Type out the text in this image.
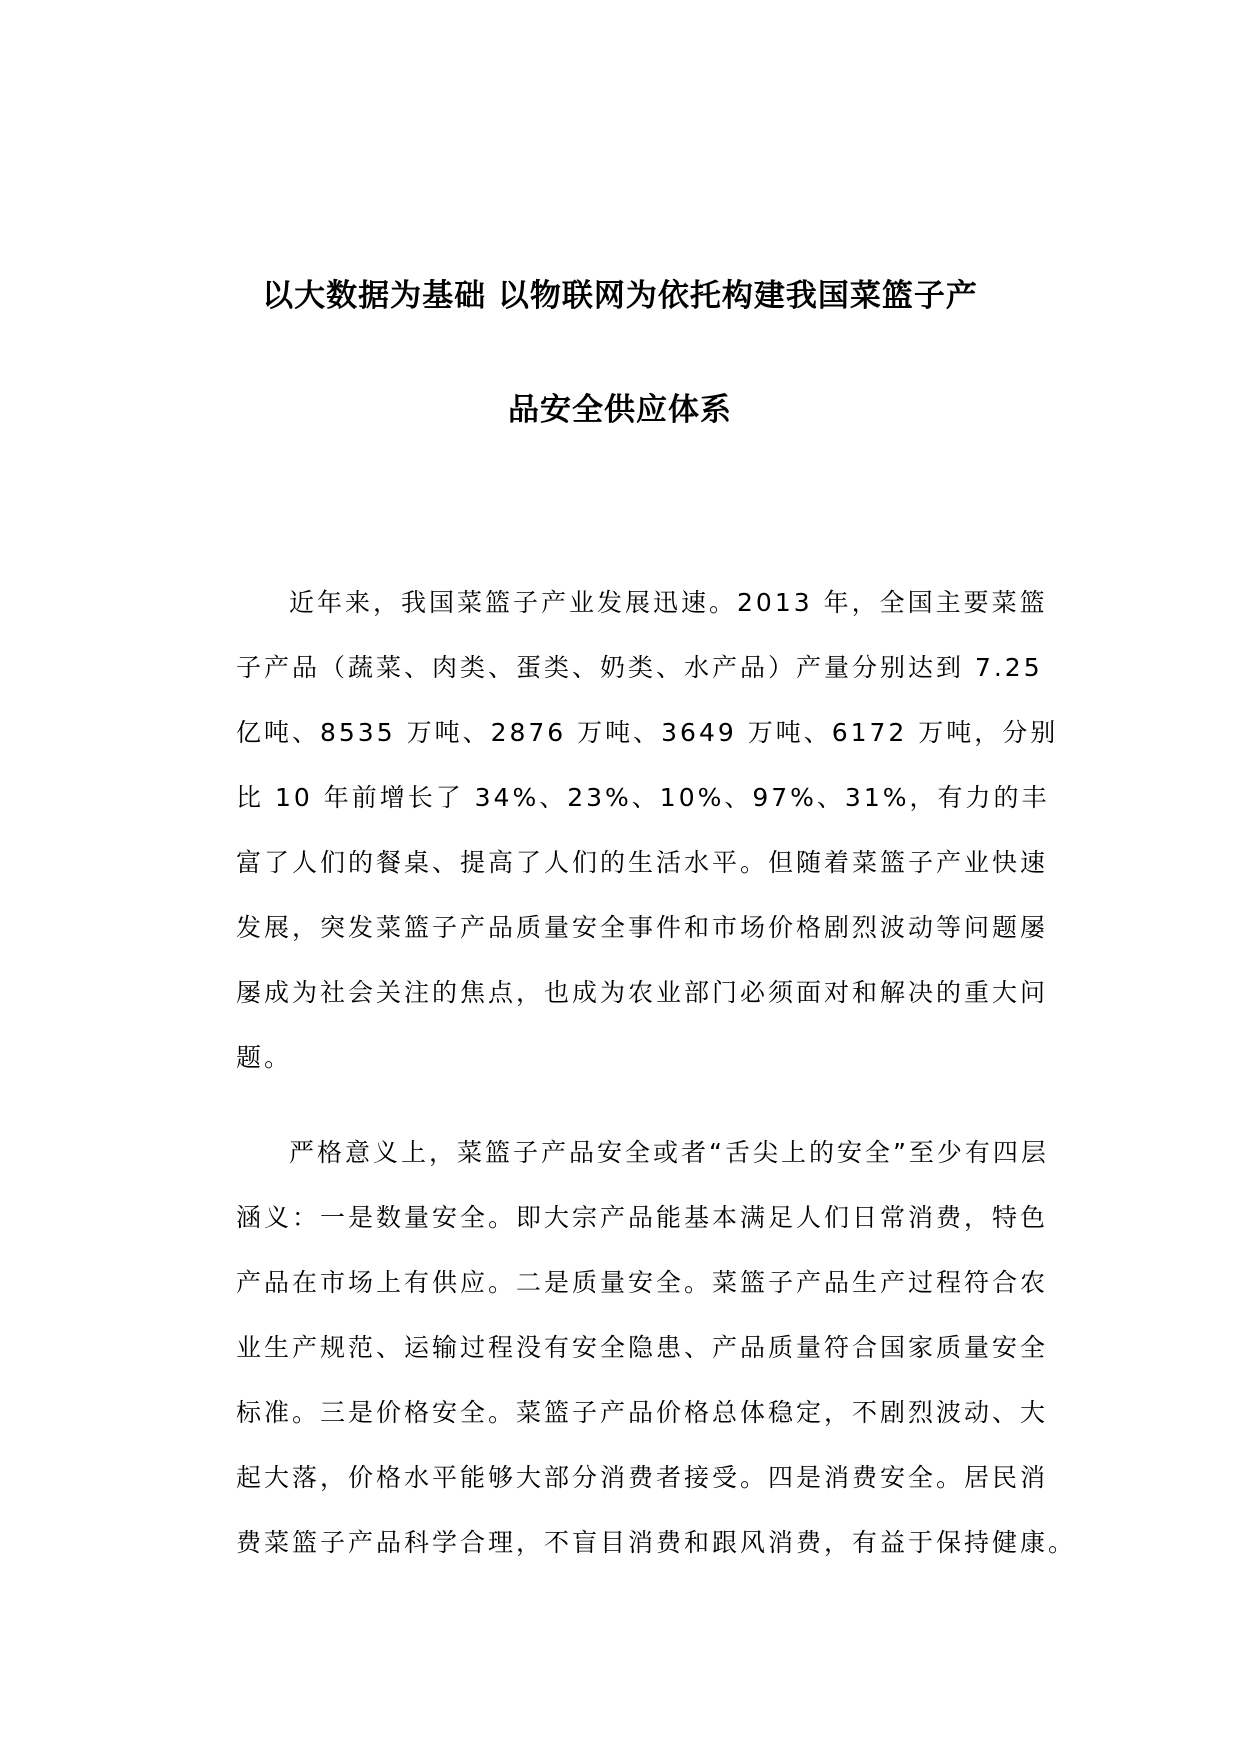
以大数据为基础 以物联网为依托构建我国菜篮子产
品安全供应体系
近年来，我国菜篮子产业发展迅速。2013 年，全国主要菜篮
子产品（蔬菜、肉类、蛋类、奶类、水产品）产量分别达到 7.25
亿吨、8535 万吨、2876 万吨、3649 万吨、6172 万吨，分别
比 10 年前增长了 34%、23%、10%、97%、31%，有力的丰
富了人们的餐桌、提高了人们的生活水平。但随着菜篮子产业快速
发展，突发菜篮子产品质量安全事件和市场价格剧烈波动等问题屡
屡成为社会关注的焦点，也成为农业部门必须面对和解决的重大问
题。
严格意义上，菜篮子产品安全或者“舌尖上的安全”至少有四层
涵义：一是数量安全。即大宗产品能基本满足人们日常消费，特色
产品在市场上有供应。二是质量安全。菜篮子产品生产过程符合农
业生产规范、运输过程没有安全隐患、产品质量符合国家质量安全
标准。三是价格安全。菜篮子产品价格总体稳定，不剧烈波动、大
起大落，价格水平能够大部分消费者接受。四是消费安全。居民消
费菜篮子产品科学合理，不盲目消费和跟风消费，有益于保持健康。
